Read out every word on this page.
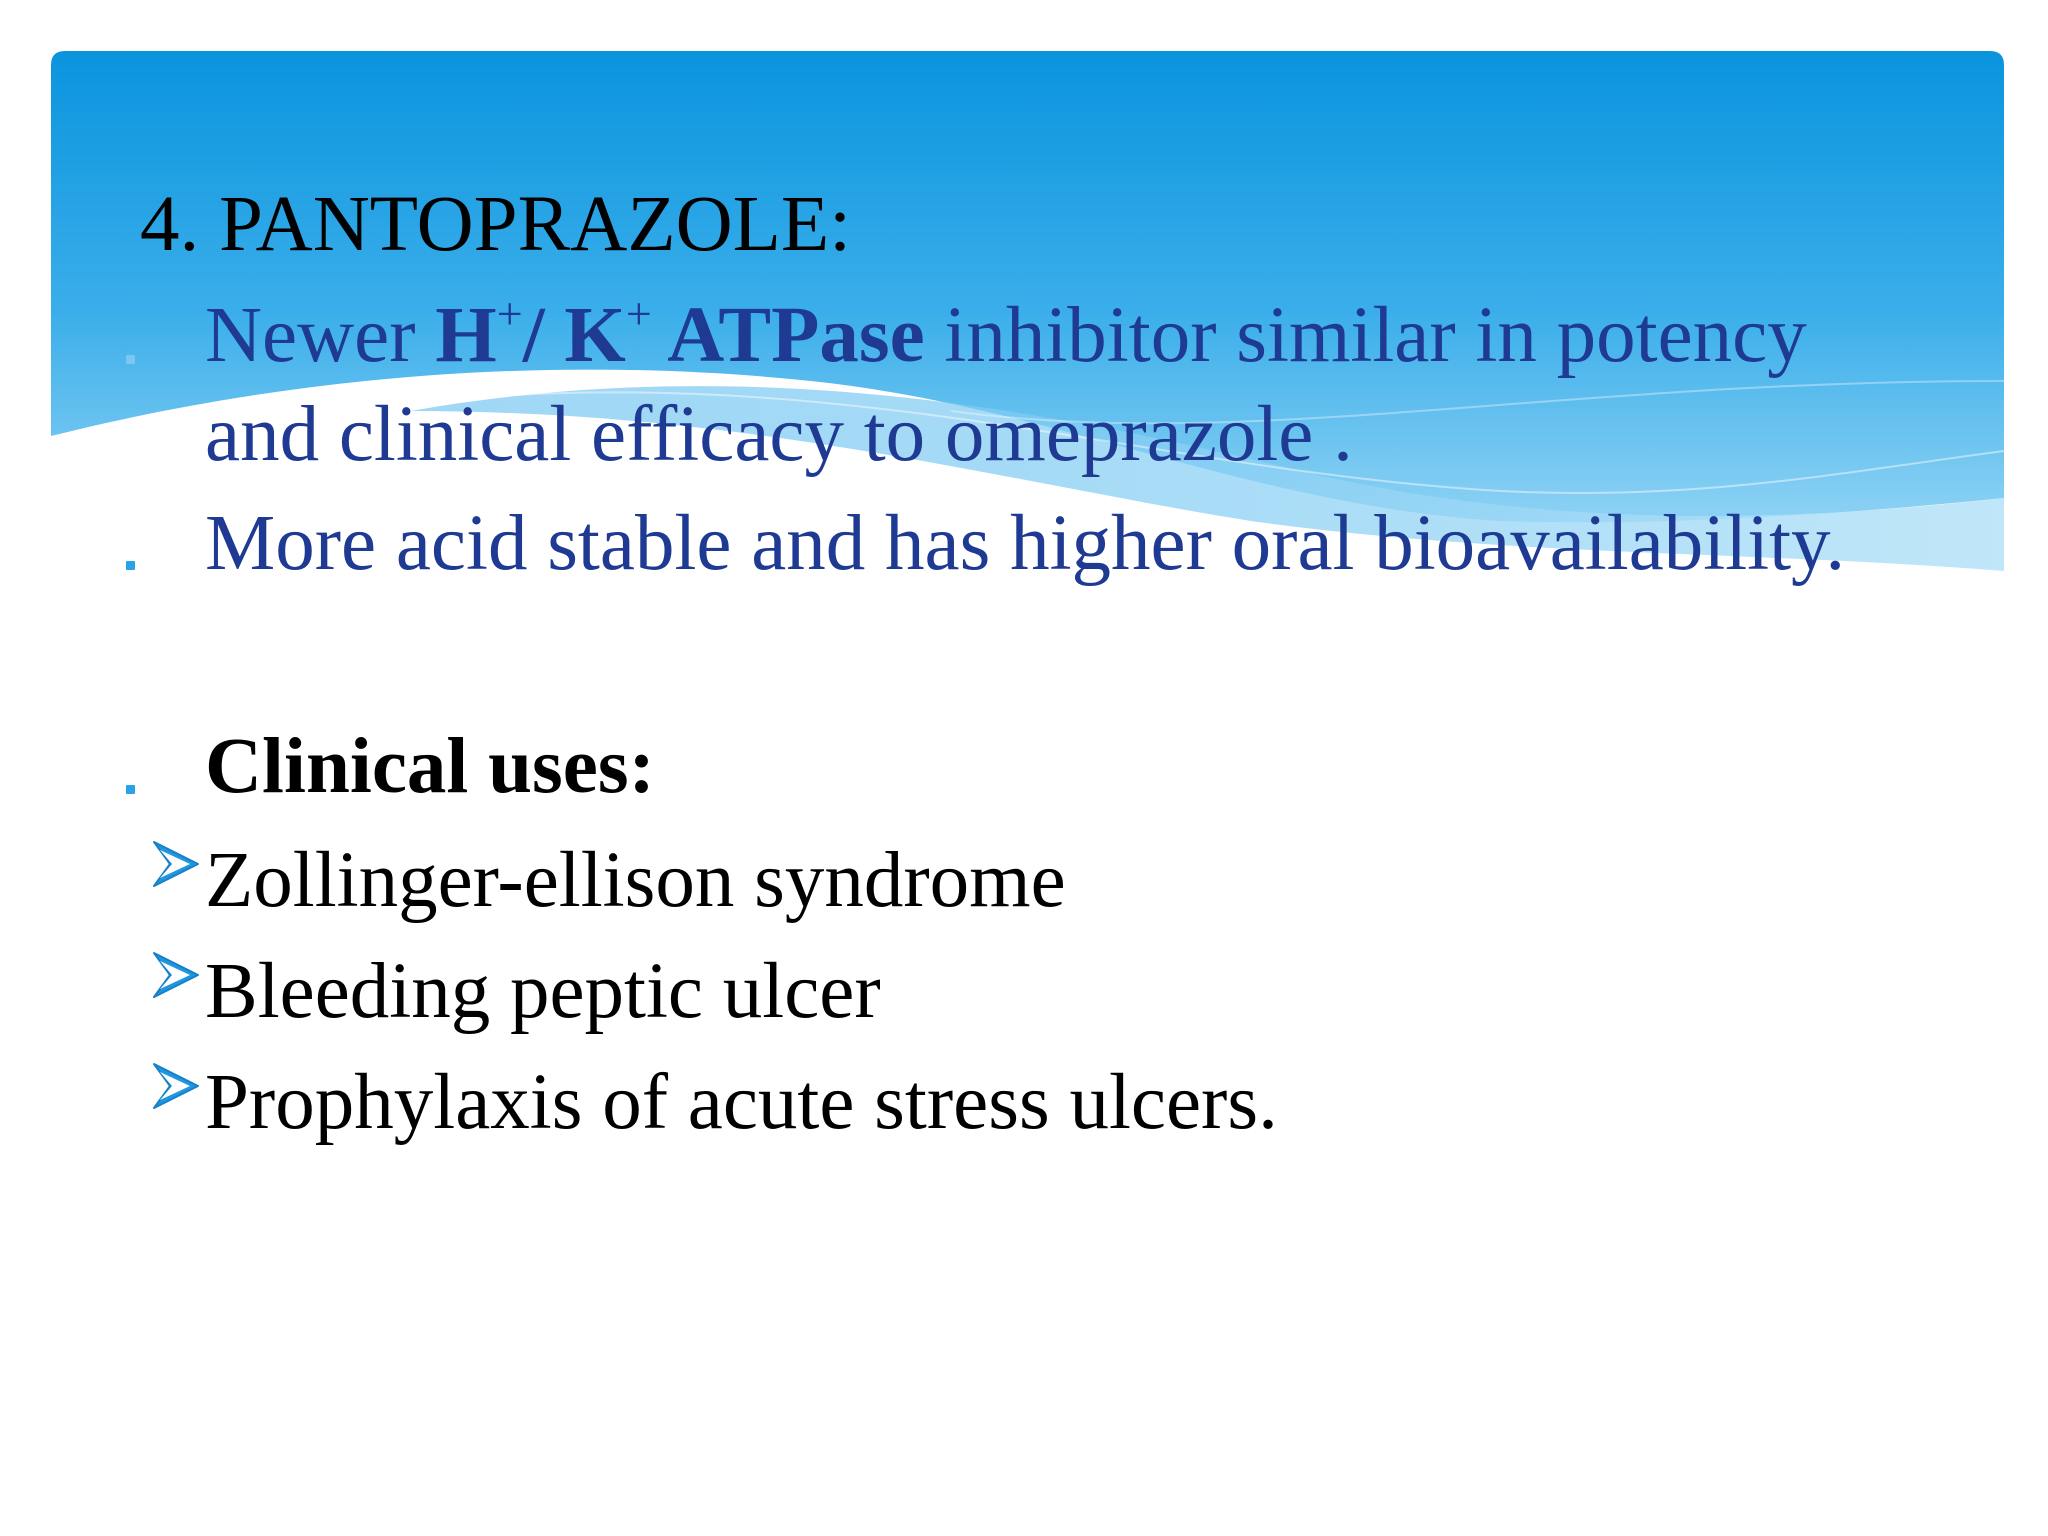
4. PANTOPRAZOLE:
Newer H+/ K+ ATPase inhibitor similar in potency
and clinical efficacy to omeprazole .
More acid stable and has higher oral bioavailability.
Clinical uses:
Zollinger-ellison syndrome
Bleeding peptic ulcer
Prophylaxis of acute stress ulcers.
